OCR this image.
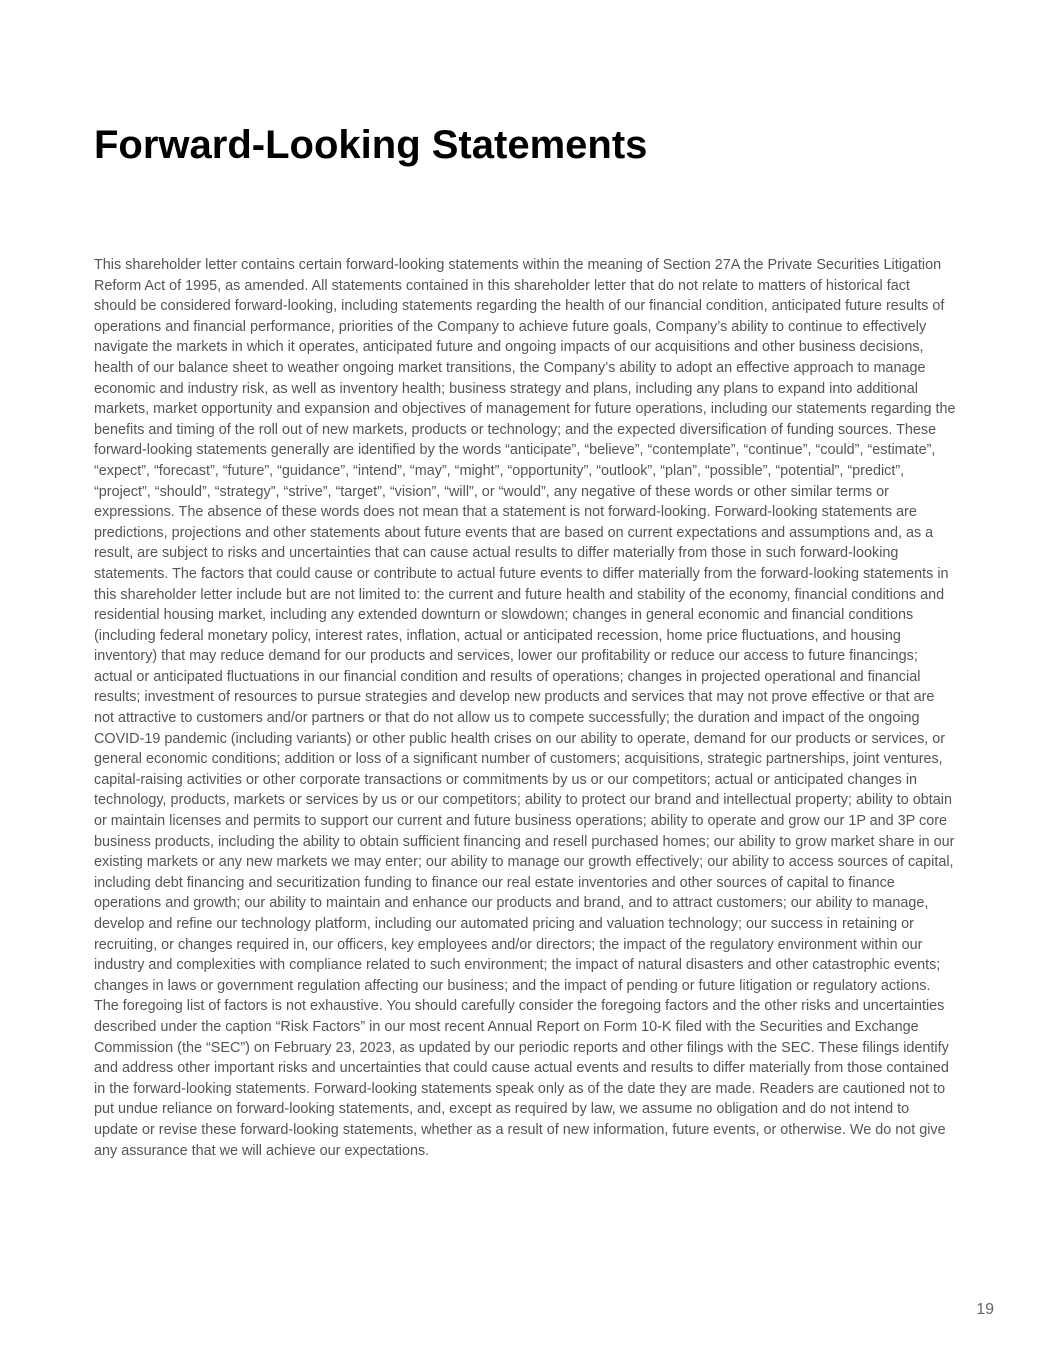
Forward-Looking Statements

This shareholder letter contains certain forward-looking statements within the meaning of Section 27A the Private Securities Litigation Reform Act of 1995, as amended. All statements contained in this shareholder letter that do not relate to matters of historical fact should be considered forward-looking, including statements regarding the health of our financial condition, anticipated future results of operations and financial performance, priorities of the Company to achieve future goals, Company’s ability to continue to effectively navigate the markets in which it operates, anticipated future and ongoing impacts of our acquisitions and other business decisions, health of our balance sheet to weather ongoing market transitions, the Company’s ability to adopt an effective approach to manage economic and industry risk, as well as inventory health; business strategy and plans, including any plans to expand into additional markets, market opportunity and expansion and objectives of management for future operations, including our statements regarding the benefits and timing of the roll out of new markets, products or technology; and the expected diversification of funding sources. These forward-looking statements generally are identified by the words “anticipate”, “believe”, “contemplate”, “continue”, “could”, “estimate”, “expect”, “forecast”, “future”, “guidance”, “intend”, “may”, “might”, “opportunity”, “outlook”, “plan”, “possible”, “potential”, “predict”, “project”, “should”, “strategy”, “strive”, “target”, “vision”, “will”, or “would”, any negative of these words or other similar terms or expressions. The absence of these words does not mean that a statement is not forward-looking. Forward-looking statements are predictions, projections and other statements about future events that are based on current expectations and assumptions and, as a result, are subject to risks and uncertainties that can cause actual results to differ materially from those in such forward-looking statements. The factors that could cause or contribute to actual future events to differ materially from the forward-looking statements in this shareholder letter include but are not limited to: the current and future health and stability of the economy, financial conditions and residential housing market, including any extended downturn or slowdown; changes in general economic and financial conditions (including federal monetary policy, interest rates, inflation, actual or anticipated recession, home price fluctuations, and housing inventory) that may reduce demand for our products and services, lower our profitability or reduce our access to future financings; actual or anticipated fluctuations in our financial condition and results of operations; changes in projected operational and financial results; investment of resources to pursue strategies and develop new products and services that may not prove effective or that are not attractive to customers and/or partners or that do not allow us to compete successfully; the duration and impact of the ongoing COVID-19 pandemic (including variants) or other public health crises on our ability to operate, demand for our products or services, or general economic conditions; addition or loss of a significant number of customers; acquisitions, strategic partnerships, joint ventures, capital-raising activities or other corporate transactions or commitments by us or our competitors; actual or anticipated changes in technology, products, markets or services by us or our competitors; ability to protect our brand and intellectual property; ability to obtain or maintain licenses and permits to support our current and future business operations; ability to operate and grow our 1P and 3P core business products, including the ability to obtain sufficient financing and resell purchased homes; our ability to grow market share in our existing markets or any new markets we may enter; our ability to manage our growth effectively; our ability to access sources of capital, including debt financing and securitization funding to finance our real estate inventories and other sources of capital to finance operations and growth; our ability to maintain and enhance our products and brand, and to attract customers; our ability to manage, develop and refine our technology platform, including our automated pricing and valuation technology; our success in retaining or recruiting, or changes required in, our officers, key employees and/or directors; the impact of the regulatory environment within our industry and complexities with compliance related to such environment; the impact of natural disasters and other catastrophic events; changes in laws or government regulation affecting our business; and the impact of pending or future litigation or regulatory actions. The foregoing list of factors is not exhaustive. You should carefully consider the foregoing factors and the other risks and uncertainties described under the caption “Risk Factors” in our most recent Annual Report on Form 10-K filed with the Securities and Exchange Commission (the “SEC”) on February 23, 2023, as updated by our periodic reports and other filings with the SEC. These filings identify and address other important risks and uncertainties that could cause actual events and results to differ materially from those contained in the forward-looking statements. Forward-looking statements speak only as of the date they are made. Readers are cautioned not to put undue reliance on forward-looking statements, and, except as required by law, we assume no obligation and do not intend to update or revise these forward-looking statements, whether as a result of new information, future events, or otherwise. We do not give any assurance that we will achieve our expectations.

19
